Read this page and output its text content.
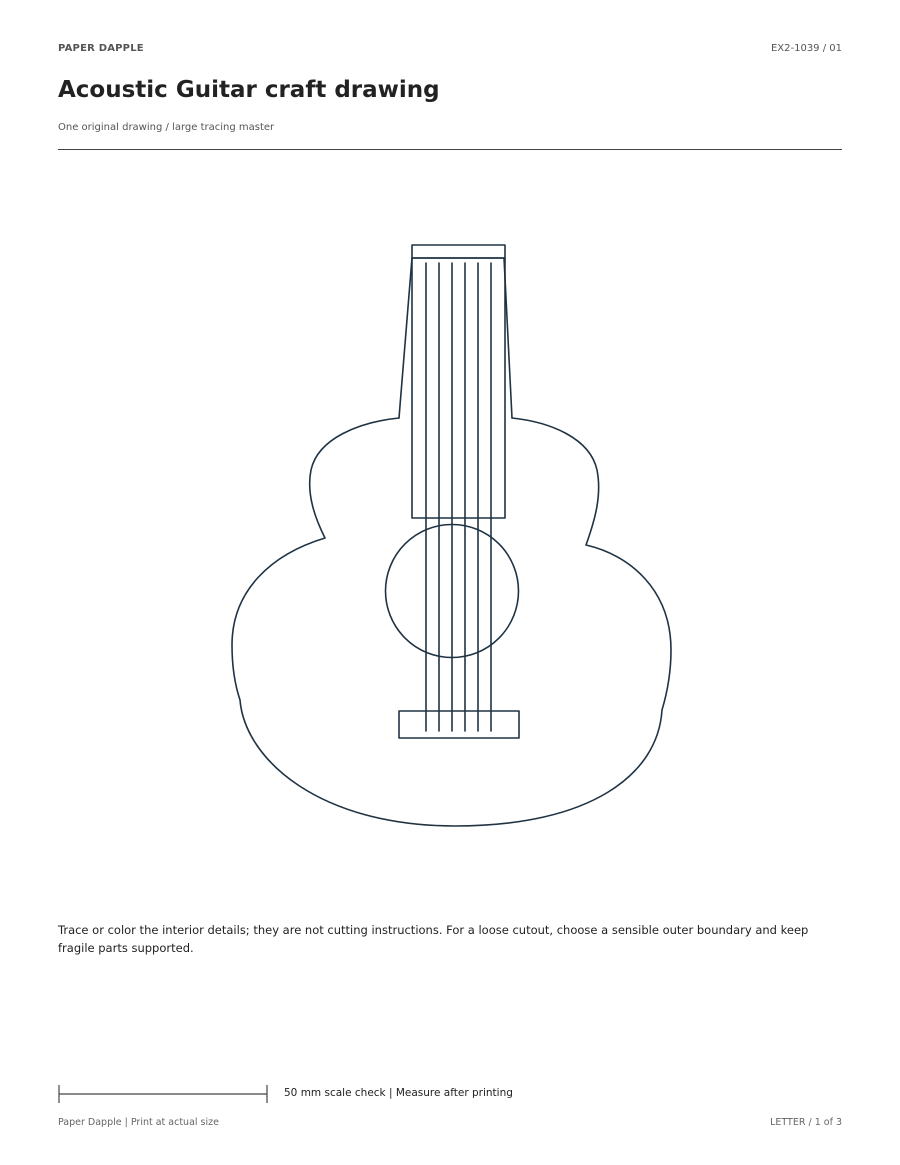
PAPER DAPPLE	EX2-1039 / 01
Acoustic Guitar craft drawing
One original drawing / large tracing master
Trace or color the interior details; they are not cutting instructions. For a loose cutout, choose a sensible outer boundary and keep fragile parts supported.
50 mm scale check | Measure after printing
Paper Dapple | Print at actual size	LETTER / 1 of 3
